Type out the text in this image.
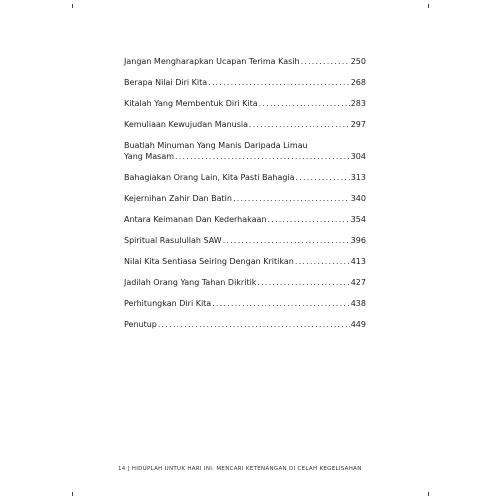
Jangan Mengharapkan Ucapan Terima Kasih .....	250
Berapa Nilai Diri Kita .....	268
Kitalah Yang Membentuk Diri Kita .....	283
Kemuliaan Kewujudan Manusia .....	297
Buatlah Minuman Yang Manis Daripada Limau
Yang Masam .....	304
Bahagiakan Orang Lain, Kita Pasti Bahagia .....	313
Kejernihan Zahir Dan Batin .....	340
Antara Keimanan Dan Kederhakaan .....	354
Spiritual Rasulullah SAW .....	396
Nilai Kita Sentiasa Seiring Dengan Kritikan .....	413
Jadilah Orang Yang Tahan Dikritik .....	427
Perhitungkan Diri Kita .....	438
Penutup .....	449
14 | HIDUPLAH UNTUK HARI INI: MENCARI KETENANGAN DI CELAH KEGELISAHAN
